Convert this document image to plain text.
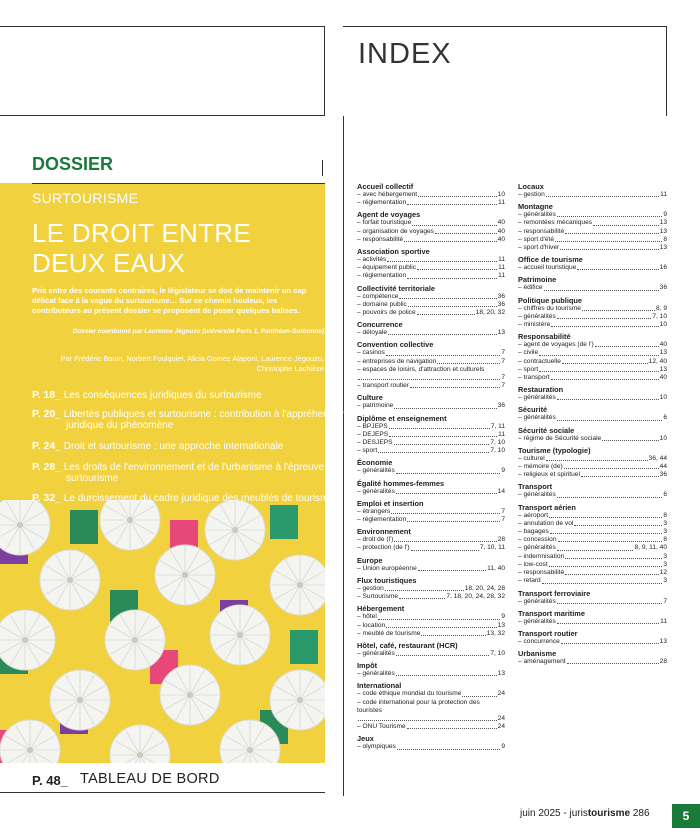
INDEX
DOSSIER
SURTOURISME
LE DROIT ENTRE DEUX EAUX
Pris entre des courants contraires, le législateur se doit de maintenir un cap délicat face à la vague du surtourisme… Sur ce chemin houleux, les contributeurs au présent dossier se proposent de poser quelques balises.
Dossier coordonné par Laurence Jégouzo (université Paris 1, Panthéon-Sorbonne)
Par Frédéric Bouin, Norbert Foulquier, Alicia Gomez Alaponi, Laurence Jégouzo, Christophe Lachièze
P. 18_ Les conséquences juridiques du surtourisme
P. 20_ Libertés publiques et surtourisme : contribution à l'appréhension juridique du phénomène
P. 24_ Droit et surtourisme : une approche internationale
P. 28_ Les droits de l'environnement et de l'urbanisme à l'épreuve du surtourisme
P. 32_ Le durcissement du cadre juridique des meublés de tourisme
P. 48_ TABLEAU DE BORD
Accueil collectif
– avec hébergement	10
– réglementation	11
Agent de voyages
– forfait touristique	40
– organisation de voyages	40
– responsabilité	40
Association sportive
– activités	11
– équipement public	11
– réglementation	11
Collectivité territoriale
– compétence	36
– domaine public	36
– pouvoirs de police	18, 20, 32
Concurrence
– déloyale	13
Convention collective
– casinos	7
– entreprises de navigation	7
– espaces de loisirs, d'attraction et culturels
7
– transport routier	7
Culture
– patrimoine	36
Diplôme et enseignement
– BPJEPS	7, 11
– DEJEPS	11
– DESJEPS	7, 10
– sport	7, 10
Économie
– généralités	9
Égalité hommes-femmes
– généralités	14
Emploi et insertion
– étrangers	7
– réglementation	7
Environnement
– droit de (l')	28
– protection (de l')	7, 10, 11
Europe
– Union européenne	11, 40
Flux touristiques
– gestion	18, 20, 24, 28
– Surtourisme	7, 18, 20, 24, 28, 32
Hébergement
– hôtel	9
– location	13
– meublé de tourisme	13, 32
Hôtel, café, restaurant (HCR)
– généralités	7, 10
Impôt
– généralités	13
International
– code éthique mondial du tourisme	24
– code international pour la protection des touristes
24
– ONU Tourisme	24
Jeux
– olympiques	9
Locaux
– gestion	11
Montagne
– généralités	9
– remontées mécaniques	13
– responsabilité	13
– sport d'été	8
– sport d'hiver	13
Office de tourisme
– accueil touristique	16
Patrimoine
– édifice	36
Politique publique
– chiffres du tourisme	8, 9
– généralités	7, 10
– ministère	10
Responsabilité
– agent de voyages (de l')	40
– civile	13
– contractuelle	12, 40
– sport	13
– transport	40
Restauration
– généralités	10
Sécurité
– généralités	6
Sécurité sociale
– régime de Sécurité sociale	10
Tourisme (typologie)
– culturel	36, 44
– mémoire (de)	44
– religieux et spirituel	36
Transport
– généralités	6
Transport aérien
– aéroport	8
– annulation de vol	3
– bagages	3
– concession	8
– généralités	8, 9, 11, 40
– indemnisation	3
– low-cost	3
– responsabilité	12
– retard	3
Transport ferroviaire
– généralités	7
Transport maritime
– généralités	11
Transport routier
– concurrence	13
Urbanisme
– aménagement	28
juin 2025 - juristourisme 286	5
